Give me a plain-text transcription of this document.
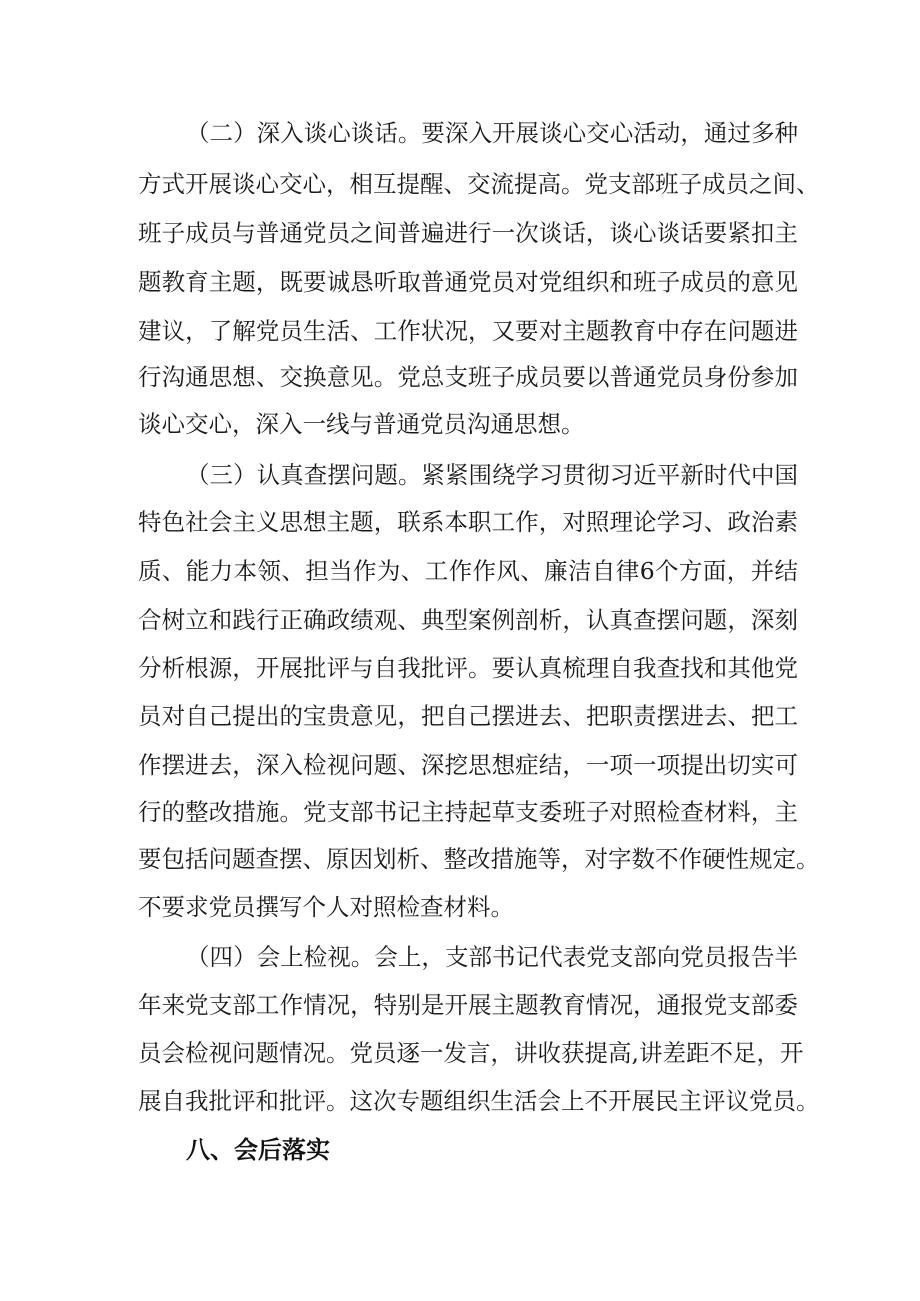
（二）深入谈心谈话。要深入开展谈心交心活动，通过多种
方式开展谈心交心，相互提醒、交流提高。党支部班子成员之间、
班子成员与普通党员之间普遍进行一次谈话，谈心谈话要紧扣主
题教育主题，既要诚恳听取普通党员对党组织和班子成员的意见
建议，了解党员生活、工作状况，又要对主题教育中存在问题进
行沟通思想、交换意见。党总支班子成员要以普通党员身份参加
谈心交心，深入一线与普通党员沟通思想。
（三）认真查摆问题。紧紧围绕学习贯彻习近平新时代中国
特色社会主义思想主题，联系本职工作，对照理论学习、政治素
质、能力本领、担当作为、工作作风、廉洁自律6个方面，并结
合树立和践行正确政绩观、典型案例剖析，认真查摆问题，深刻
分析根源，开展批评与自我批评。要认真梳理自我查找和其他党
员对自己提出的宝贵意见，把自己摆进去、把职责摆进去、把工
作摆进去，深入检视问题、深挖思想症结，一项一项提出切实可
行的整改措施。党支部书记主持起草支委班子对照检查材料，主
要包括问题查摆、原因划析、整改措施等，对字数不作硬性规定。
不要求党员撰写个人对照检查材料。
（四）会上检视。会上，支部书记代表党支部向党员报告半
年来党支部工作情况，特别是开展主题教育情况，通报党支部委
员会检视问题情况。党员逐一发言，讲收获提高,讲差距不足，开
展自我批评和批评。这次专题组织生活会上不开展民主评议党员。
八、会后落实
